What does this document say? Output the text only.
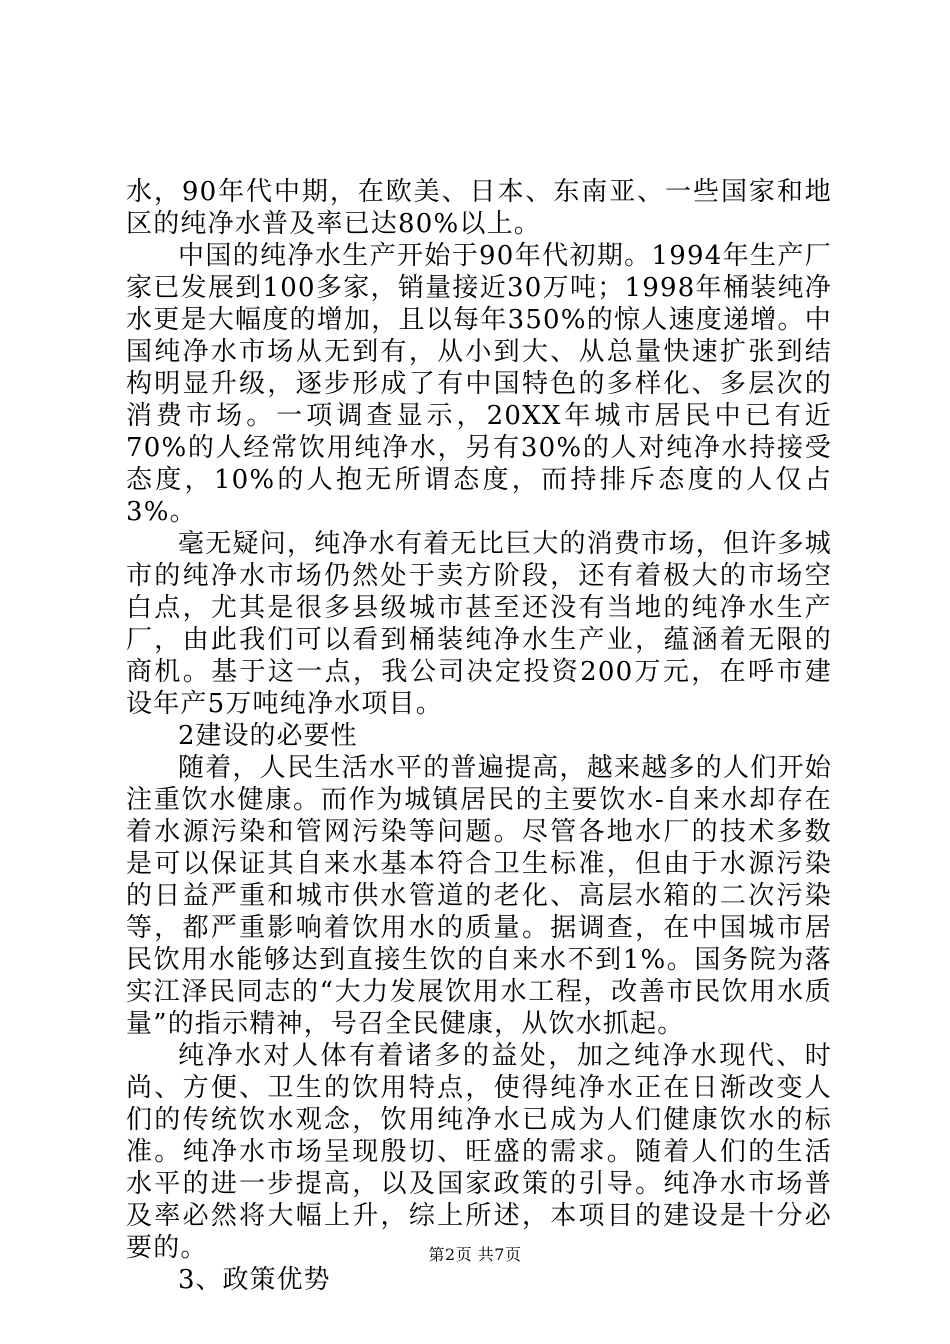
水，90年代中期，在欧美、日本、东南亚、一些国家和地区的纯净水普及率已达80%以上。

中国的纯净水生产开始于90年代初期。1994年生产厂家已发展到100多家，销量接近30万吨；1998年桶装纯净水更是大幅度的增加，且以每年350%的惊人速度递增。中国纯净水市场从无到有，从小到大、从总量快速扩张到结构明显升级，逐步形成了有中国特色的多样化、多层次的消费市场。一项调查显示，20XX年城市居民中已有近70%的人经常饮用纯净水，另有30%的人对纯净水持接受态度，10%的人抱无所谓态度，而持排斥态度的人仅占3%。

毫无疑问，纯净水有着无比巨大的消费市场，但许多城市的纯净水市场仍然处于卖方阶段，还有着极大的市场空白点，尤其是很多县级城市甚至还没有当地的纯净水生产厂，由此我们可以看到桶装纯净水生产业，蕴涵着无限的商机。基于这一点，我公司决定投资200万元，在呼市建设年产5万吨纯净水项目。

2建设的必要性

随着，人民生活水平的普遍提高，越来越多的人们开始注重饮水健康。而作为城镇居民的主要饮水-自来水却存在着水源污染和管网污染等问题。尽管各地水厂的技术多数是可以保证其自来水基本符合卫生标准，但由于水源污染的日益严重和城市供水管道的老化、高层水箱的二次污染等，都严重影响着饮用水的质量。据调查，在中国城市居民饮用水能够达到直接生饮的自来水不到1%。国务院为落实江泽民同志的“大力发展饮用水工程，改善市民饮用水质量”的指示精神，号召全民健康，从饮水抓起。

纯净水对人体有着诸多的益处，加之纯净水现代、时尚、方便、卫生的饮用特点，使得纯净水正在日渐改变人们的传统饮水观念，饮用纯净水已成为人们健康饮水的标准。纯净水市场呈现殷切、旺盛的需求。随着人们的生活水平的进一步提高，以及国家政策的引导。纯净水市场普及率必然将大幅上升，综上所述，本项目的建设是十分必要的。

3、政策优势

第2页 共7页
